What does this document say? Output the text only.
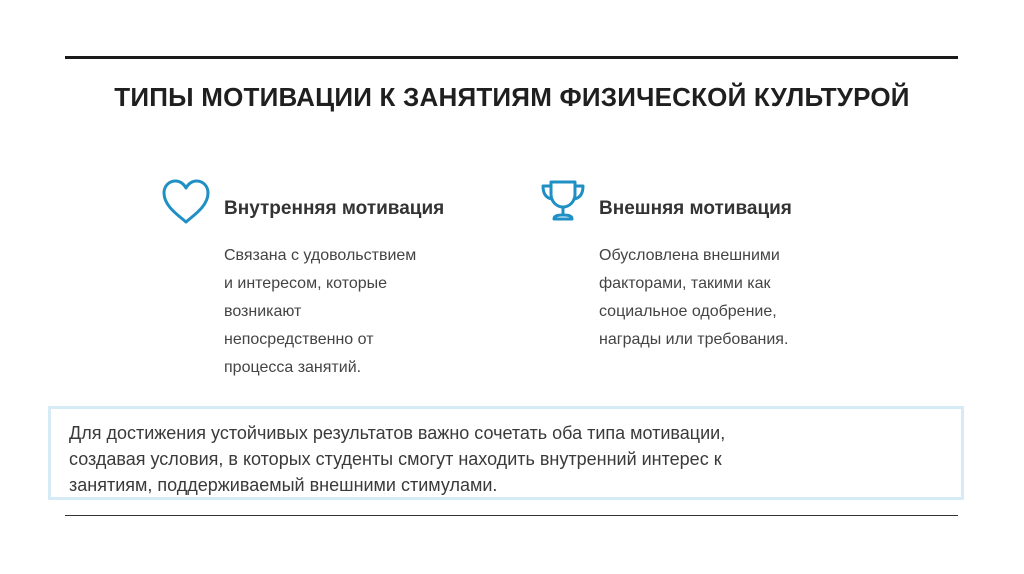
ТИПЫ МОТИВАЦИИ К ЗАНЯТИЯМ ФИЗИЧЕСКОЙ КУЛЬТУРОЙ
Внутренняя мотивация
Связана с удовольствием
и интересом, которые
возникают
непосредственно от
процесса занятий.
Внешняя мотивация
Обусловлена внешними
факторами, такими как
социальное одобрение,
награды или требования.
Для достижения устойчивых результатов важно сочетать оба типа мотивации,
создавая условия, в которых студенты смогут находить внутренний интерес к
занятиям, поддерживаемый внешними стимулами.
